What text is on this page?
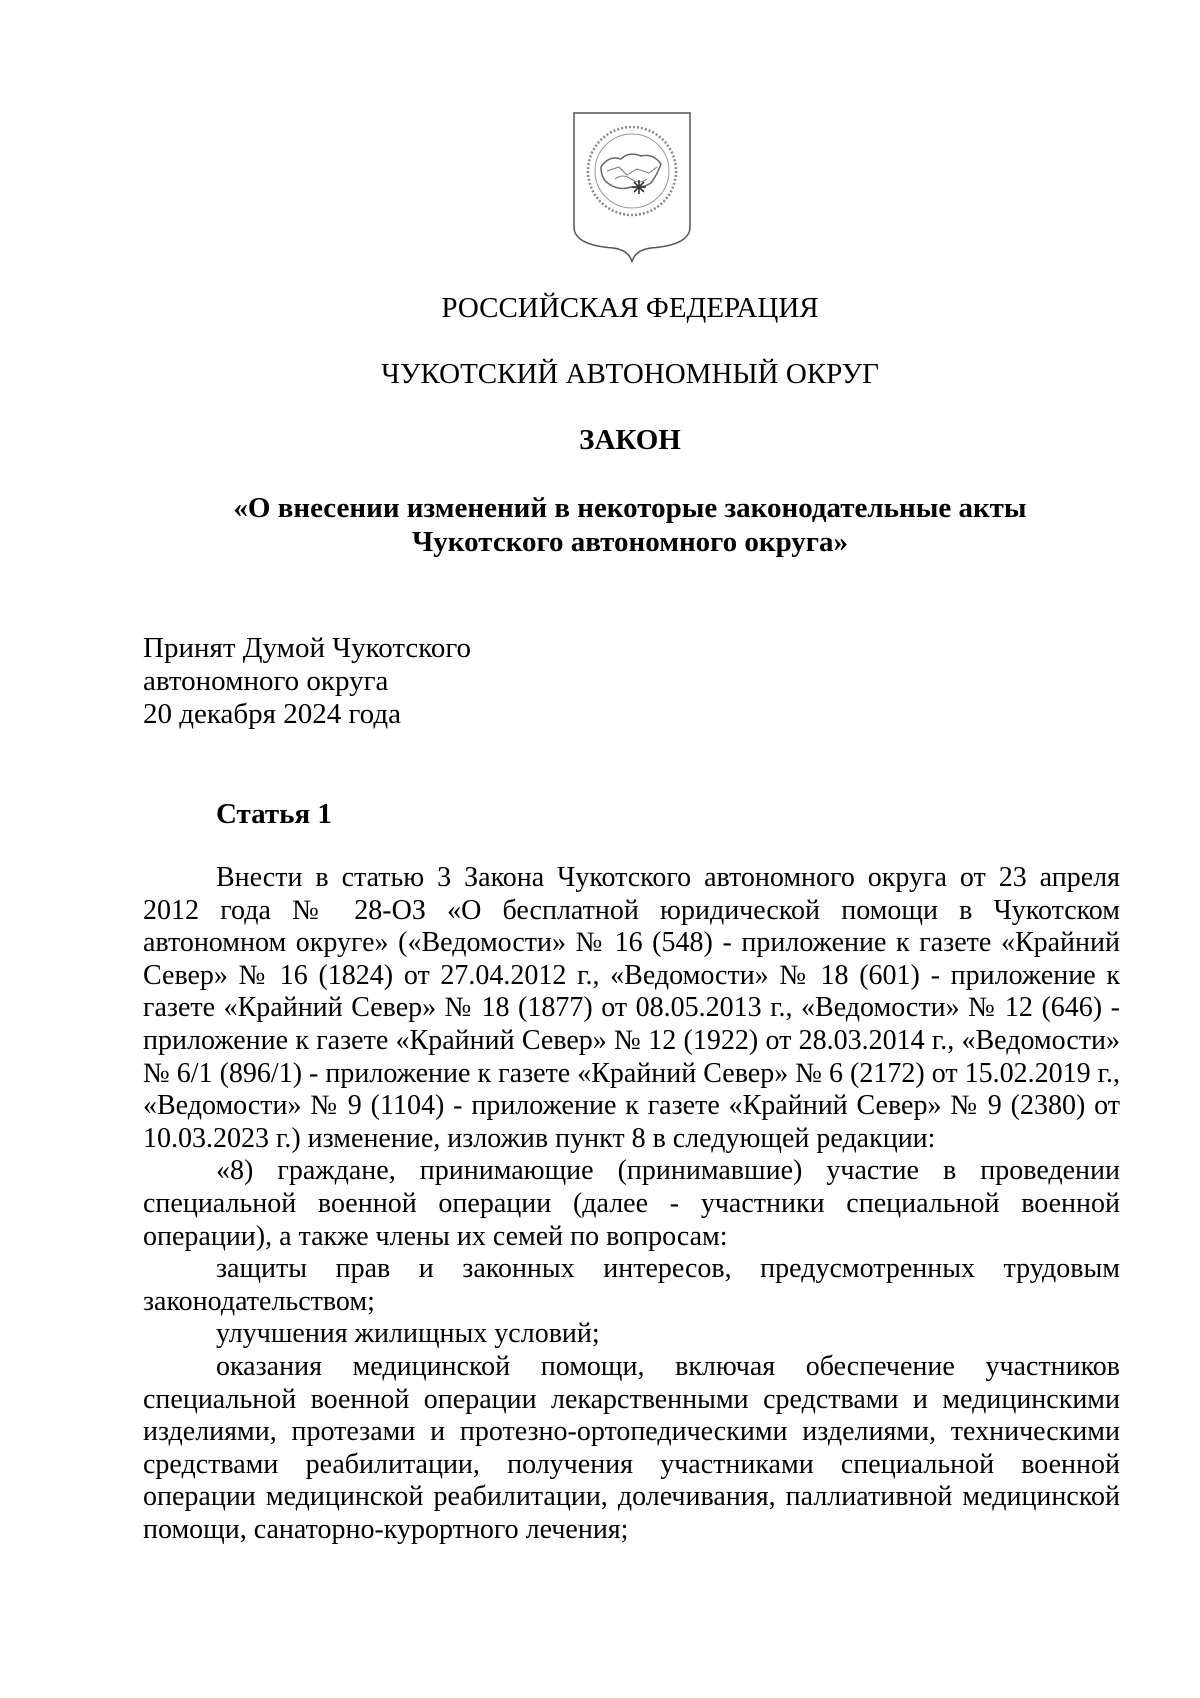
РОССИЙСКАЯ ФЕДЕРАЦИЯ
ЧУКОТСКИЙ АВТОНОМНЫЙ ОКРУГ
ЗАКОН
«О внесении изменений в некоторые законодательные акты
Чукотского автономного округа»
Принят Думой Чукотского
автономного округа
20 декабря 2024 года
Статья 1

Внести в статью 3 Закона Чукотского автономного округа от 23 апреля 2012 года № 28-ОЗ «О бесплатной юридической помощи в Чукотском автономном округе» («Ведомости» № 16 (548) - приложение к газете «Крайний Север» № 16 (1824) от 27.04.2012 г., «Ведомости» № 18 (601) - приложение к газете «Крайний Север» № 18 (1877) от 08.05.2013 г., «Ведомости» № 12 (646) - приложение к газете «Крайний Север» № 12 (1922) от 28.03.2014 г., «Ведомости» № 6/1 (896/1) - приложение к газете «Крайний Север» № 6 (2172) от 15.02.2019 г., «Ведомости» № 9 (1104) - приложение к газете «Крайний Север» № 9 (2380) от 10.03.2023 г.) изменение, изложив пункт 8 в следующей редакции:

«8) граждане, принимающие (принимавшие) участие в проведении специальной военной операции (далее - участники специальной военной операции), а также члены их семей по вопросам:

защиты прав и законных интересов, предусмотренных трудовым законодательством;

улучшения жилищных условий;

оказания медицинской помощи, включая обеспечение участников специальной военной операции лекарственными средствами и медицинскими изделиями, протезами и протезно-ортопедическими изделиями, техническими средствами реабилитации, получения участниками специальной военной операции медицинской реабилитации, долечивания, паллиативной медицинской помощи, санаторно-курортного лечения;
